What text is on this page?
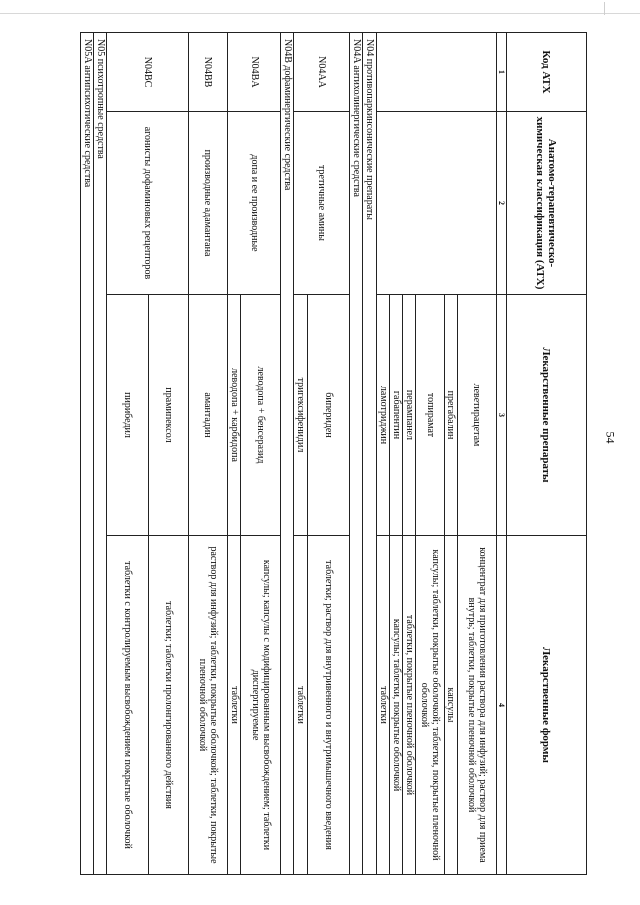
54
Код АТХ	Анатомо-терапевтическо-химическая классификация (АТХ)	Лекарственные препараты	Лекарственные формы
1	2	3	4
		леветирацетам	концентрат для приготовления раствора для инфузий; раствор для приема внутрь; таблетки, покрытые пленочной оболочкой
		прегабалин	капсулы
		топирамат	капсулы; таблетки, покрытые оболочкой; таблетки, покрытые пленочной оболочкой
		перампанел	таблетки, покрытые пленочной оболочкой
		габапентин	капсулы; таблетки, покрытые оболочкой
		ламотриджин	таблетки
N04 противопаркинсонические препараты			
N04A антихолинергические средства			
N04AA	третичные амины	бипериден	таблетки; раствор для внутривенного и внутримышечного введения
		тригексифенидил	таблетки
N04B дофаминергические средства			
N04BA	допа и ее производные	леводопа + бенсеразид	капсулы; капсулы с модифицированным высвобождением; таблетки диспергируемые
		леводопа + карбидопа	таблетки
N04BB	производные адамантана	амантадин	раствор для инфузий; таблетки, покрытые оболочкой; таблетки, покрытые пленочной оболочкой
N04BC	агонисты дофаминовых рецепторов	прамипексол	таблетки; таблетки пролонгированного действия
		пирибедил	таблетки с контролируемым высвобождением покрытые оболочкой
N05 психотропные средства			
N05A антипсихотические средства			
